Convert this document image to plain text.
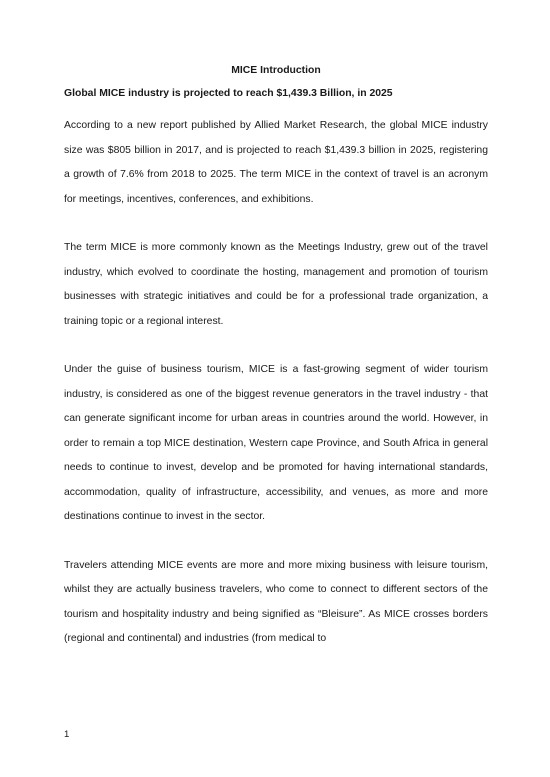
MICE Introduction
Global MICE industry is projected to reach $1,439.3 Billion, in 2025

According to a new report published by Allied Market Research, the global MICE industry size was $805 billion in 2017, and is projected to reach $1,439.3 billion in 2025, registering a growth of 7.6% from 2018 to 2025. The term MICE in the context of travel is an acronym for meetings, incentives, conferences, and exhibitions.

The term MICE is more commonly known as the Meetings Industry, grew out of the travel industry, which evolved to coordinate the hosting, management and promotion of tourism businesses with strategic initiatives and could be for a professional trade organization, a training topic or a regional interest.

Under the guise of business tourism, MICE is a fast-growing segment of wider tourism industry, is considered as one of the biggest revenue generators in the travel industry - that can generate significant income for urban areas in countries around the world. However, in order to remain a top MICE destination, Western cape Province, and South Africa in general needs to continue to invest, develop and be promoted for having international standards, accommodation, quality of infrastructure, accessibility, and venues, as more and more destinations continue to invest in the sector.

Travelers attending MICE events are more and more mixing business with leisure tourism, whilst they are actually business travelers, who come to connect to different sectors of the tourism and hospitality industry and being signified as “Bleisure”. As MICE crosses borders (regional and continental) and industries (from medical to

1
